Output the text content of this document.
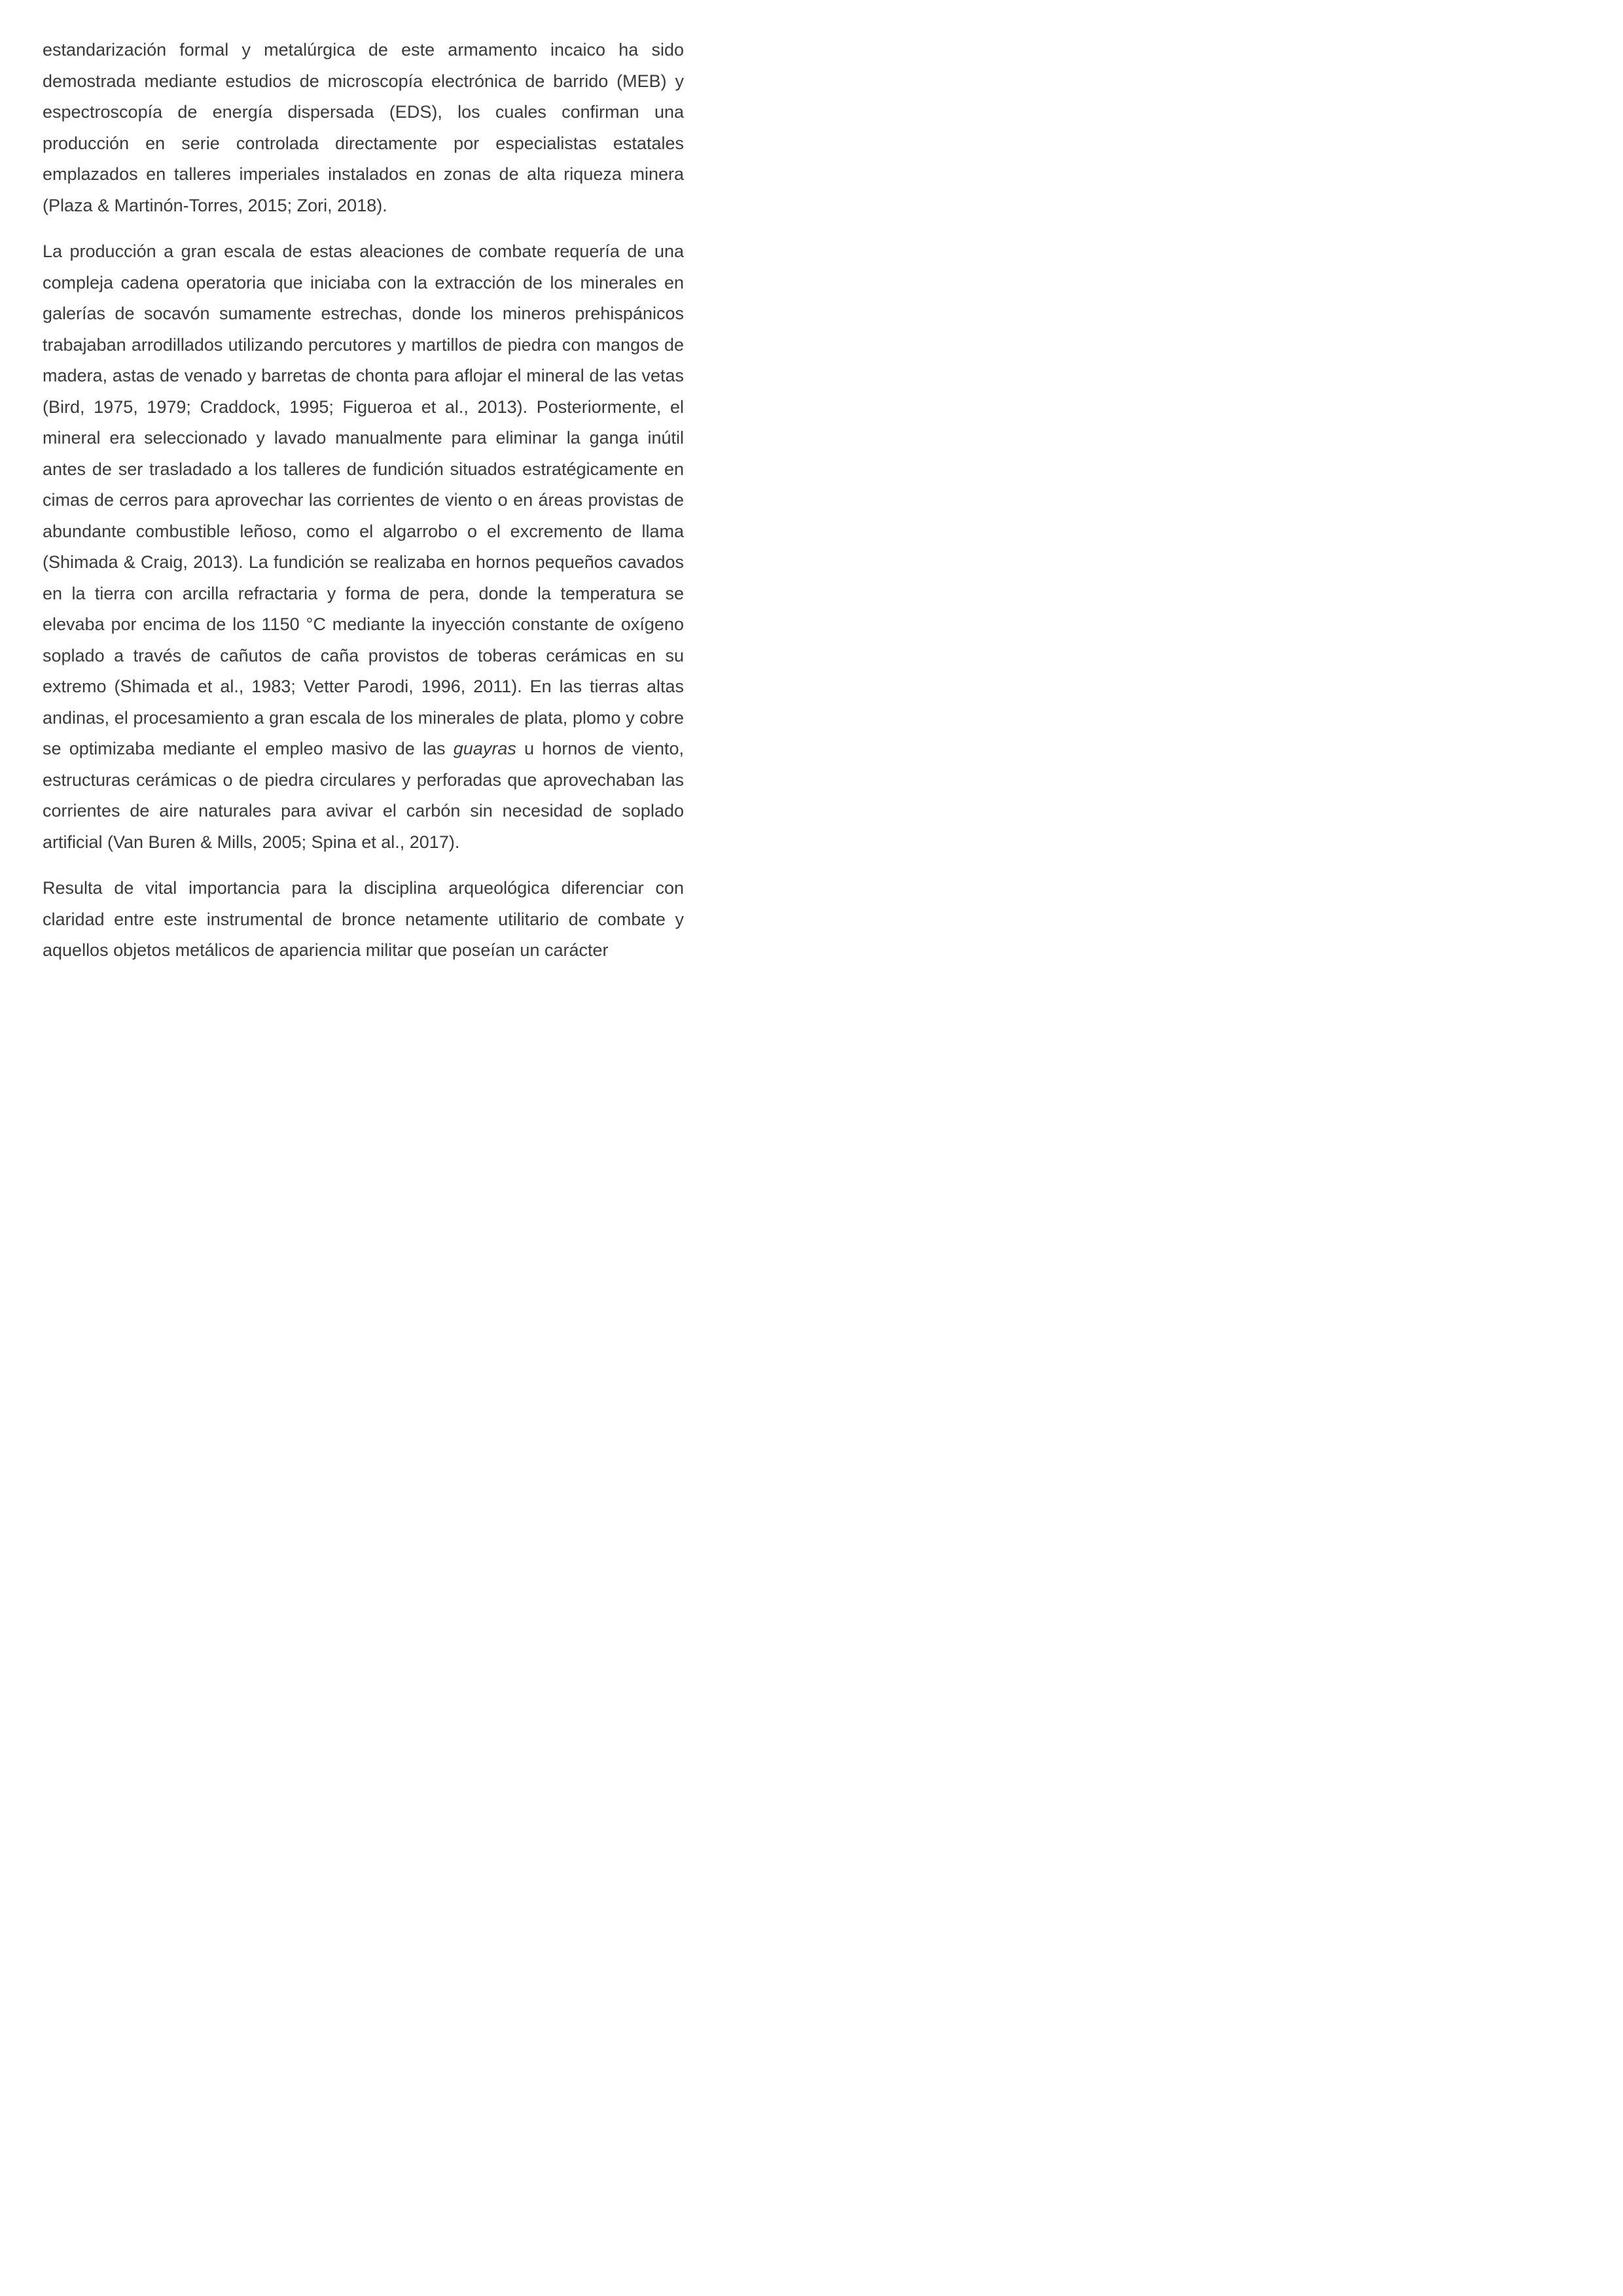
estandarización formal y metalúrgica de este armamento incaico ha sido demostrada mediante estudios de microscopía electrónica de barrido (MEB) y espectroscopía de energía dispersada (EDS), los cuales confirman una producción en serie controlada directamente por especialistas estatales emplazados en talleres imperiales instalados en zonas de alta riqueza minera (Plaza & Martinón-Torres, 2015; Zori, 2018).

La producción a gran escala de estas aleaciones de combate requería de una compleja cadena operatoria que iniciaba con la extracción de los minerales en galerías de socavón sumamente estrechas, donde los mineros prehispánicos trabajaban arrodillados utilizando percutores y martillos de piedra con mangos de madera, astas de venado y barretas de chonta para aflojar el mineral de las vetas (Bird, 1975, 1979; Craddock, 1995; Figueroa et al., 2013). Posteriormente, el mineral era seleccionado y lavado manualmente para eliminar la ganga inútil antes de ser trasladado a los talleres de fundición situados estratégicamente en cimas de cerros para aprovechar las corrientes de viento o en áreas provistas de abundante combustible leñoso, como el algarrobo o el excremento de llama (Shimada & Craig, 2013). La fundición se realizaba en hornos pequeños cavados en la tierra con arcilla refractaria y forma de pera, donde la temperatura se elevaba por encima de los 1150 °C mediante la inyección constante de oxígeno soplado a través de cañutos de caña provistos de toberas cerámicas en su extremo (Shimada et al., 1983; Vetter Parodi, 1996, 2011). En las tierras altas andinas, el procesamiento a gran escala de los minerales de plata, plomo y cobre se optimizaba mediante el empleo masivo de las guayras u hornos de viento, estructuras cerámicas o de piedra circulares y perforadas que aprovechaban las corrientes de aire naturales para avivar el carbón sin necesidad de soplado artificial (Van Buren & Mills, 2005; Spina et al., 2017).

Resulta de vital importancia para la disciplina arqueológica diferenciar con claridad entre este instrumental de bronce netamente utilitario de combate y aquellos objetos metálicos de apariencia militar que poseían un carácter
